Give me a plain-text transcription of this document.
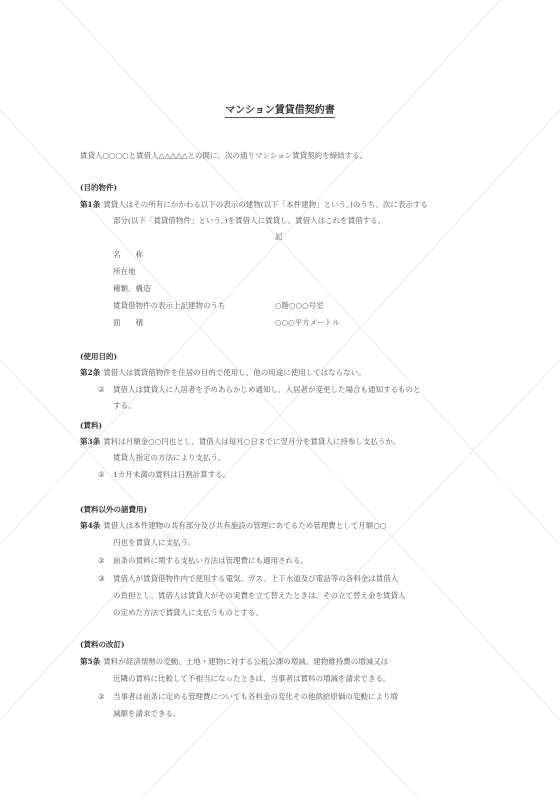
マンション賃貸借契約書
賃貸人○○○○と賃借人△△△△△との間に、次の通りマンション賃貸契約を締結する。
(目的物件)
第1条 賃貸人はその所有にかかわる以下の表示の建物(以下「本件建物」という。)のうち、次に表示する
部分(以下「賃貸借物件」という。)を賃借人に賃貸し、賃借人はこれを賃借する。
記
名　　称
所在地
種類、構造
賃貸借物件の表示上記建物のうち	○階○○○号室
面　　積	○○○平方メートル
(使用目的)
第2条 賃借人は賃貸借物件を住居の目的で使用し、他の用途に使用してはならない。
② 賃借人は賃貸人に入居者を予めあらかじめ通知し、入居者が変更した場合も通知するものと
する。
(賃料)
第3条 賃料は月額金○○円也とし、賃借人は毎月○日までに翌月分を賃貸人に持参し支払うか、
賃貸人指定の方法により支払う。
② 1カ月未満の賃料は日割計算する。
(賃料以外の諸費用)
第4条 賃借人は本件建物の共有部分及び共有施設の管理にあてるため管理費として月額○○
円也を賃貸人に支払う。
② 前条の賃料に関する支払い方法は管理費にも適用される。
③ 賃借人が賃貸借物件内で使用する電気、ガス、上下水道及び電話等の各料金は賃借人
の負担とし、賃借人は賃貸人がその実費を立て替えたときは、その立て替え金を賃貸人
の定めた方法で賃貸人に支払うものとする。
(賃料の改訂)
第5条 賃料が経済情勢の変動、土地・建物に対する公租公課の増減、建物維持費の増減又は
近隣の賃料に比較して不相当になったときは、当事者は賃料の増減を請求できる。
② 当事者は前条に定める管理費についても各料金の変化その他供給原価の変動により増
減額を請求できる。
